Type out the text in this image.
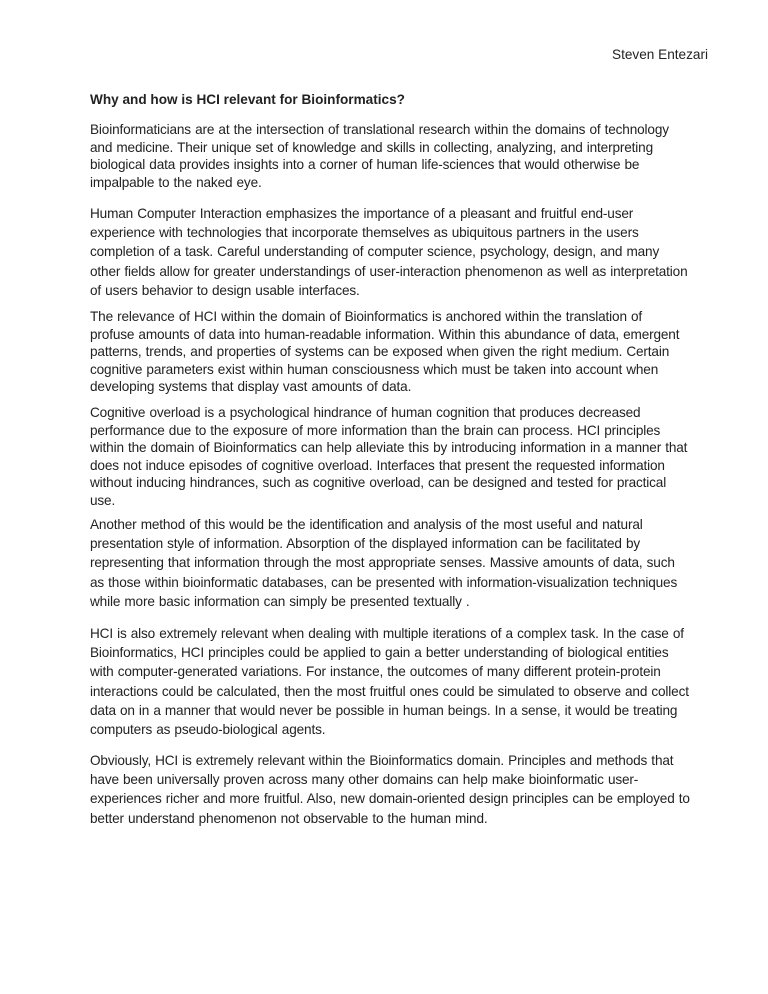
Steven Entezari
Why and how is HCI relevant for Bioinformatics?

Bioinformaticians are at the intersection of translational research within the domains of technology and medicine. Their unique set of knowledge and skills in collecting, analyzing, and interpreting biological data provides insights into a corner of human life-sciences that would otherwise be impalpable to the naked eye.

Human Computer Interaction emphasizes the importance of a pleasant and fruitful end-user experience with technologies that incorporate themselves as ubiquitous partners in the users completion of a task. Careful understanding of computer science, psychology, design, and many other fields allow for greater understandings of user-interaction phenomenon as well as interpretation of users behavior to design usable interfaces.

The relevance of HCI within the domain of Bioinformatics is anchored within the translation of profuse amounts of data into human-readable information. Within this abundance of data, emergent patterns, trends, and properties of systems can be exposed when given the right medium. Certain cognitive parameters exist within human consciousness which must be taken into account when developing systems that display vast amounts of data.

Cognitive overload is a psychological hindrance of human cognition that produces decreased performance due to the exposure of more information than the brain can process. HCI principles within the domain of Bioinformatics can help alleviate this by introducing information in a manner that does not induce episodes of cognitive overload. Interfaces that present the requested information without inducing hindrances, such as cognitive overload, can be designed and tested for practical use.

Another method of this would be the identification and analysis of the most useful and natural presentation style of information. Absorption of the displayed information can be facilitated by representing that information through the most appropriate senses. Massive amounts of data, such as those within bioinformatic databases, can be presented with information-visualization techniques while more basic information can simply be presented textually .

HCI is also extremely relevant when dealing with multiple iterations of a complex task. In the case of Bioinformatics, HCI principles could be applied to gain a better understanding of biological entities with computer-generated variations. For instance, the outcomes of many different protein-protein interactions could be calculated, then the most fruitful ones could be simulated to observe and collect data on in a manner that would never be possible in human beings. In a sense, it would be treating computers as pseudo-biological agents.

Obviously, HCI is extremely relevant within the Bioinformatics domain. Principles and methods that have been universally proven across many other domains can help make bioinformatic user-experiences richer and more fruitful. Also, new domain-oriented design principles can be employed to better understand phenomenon not observable to the human mind.
